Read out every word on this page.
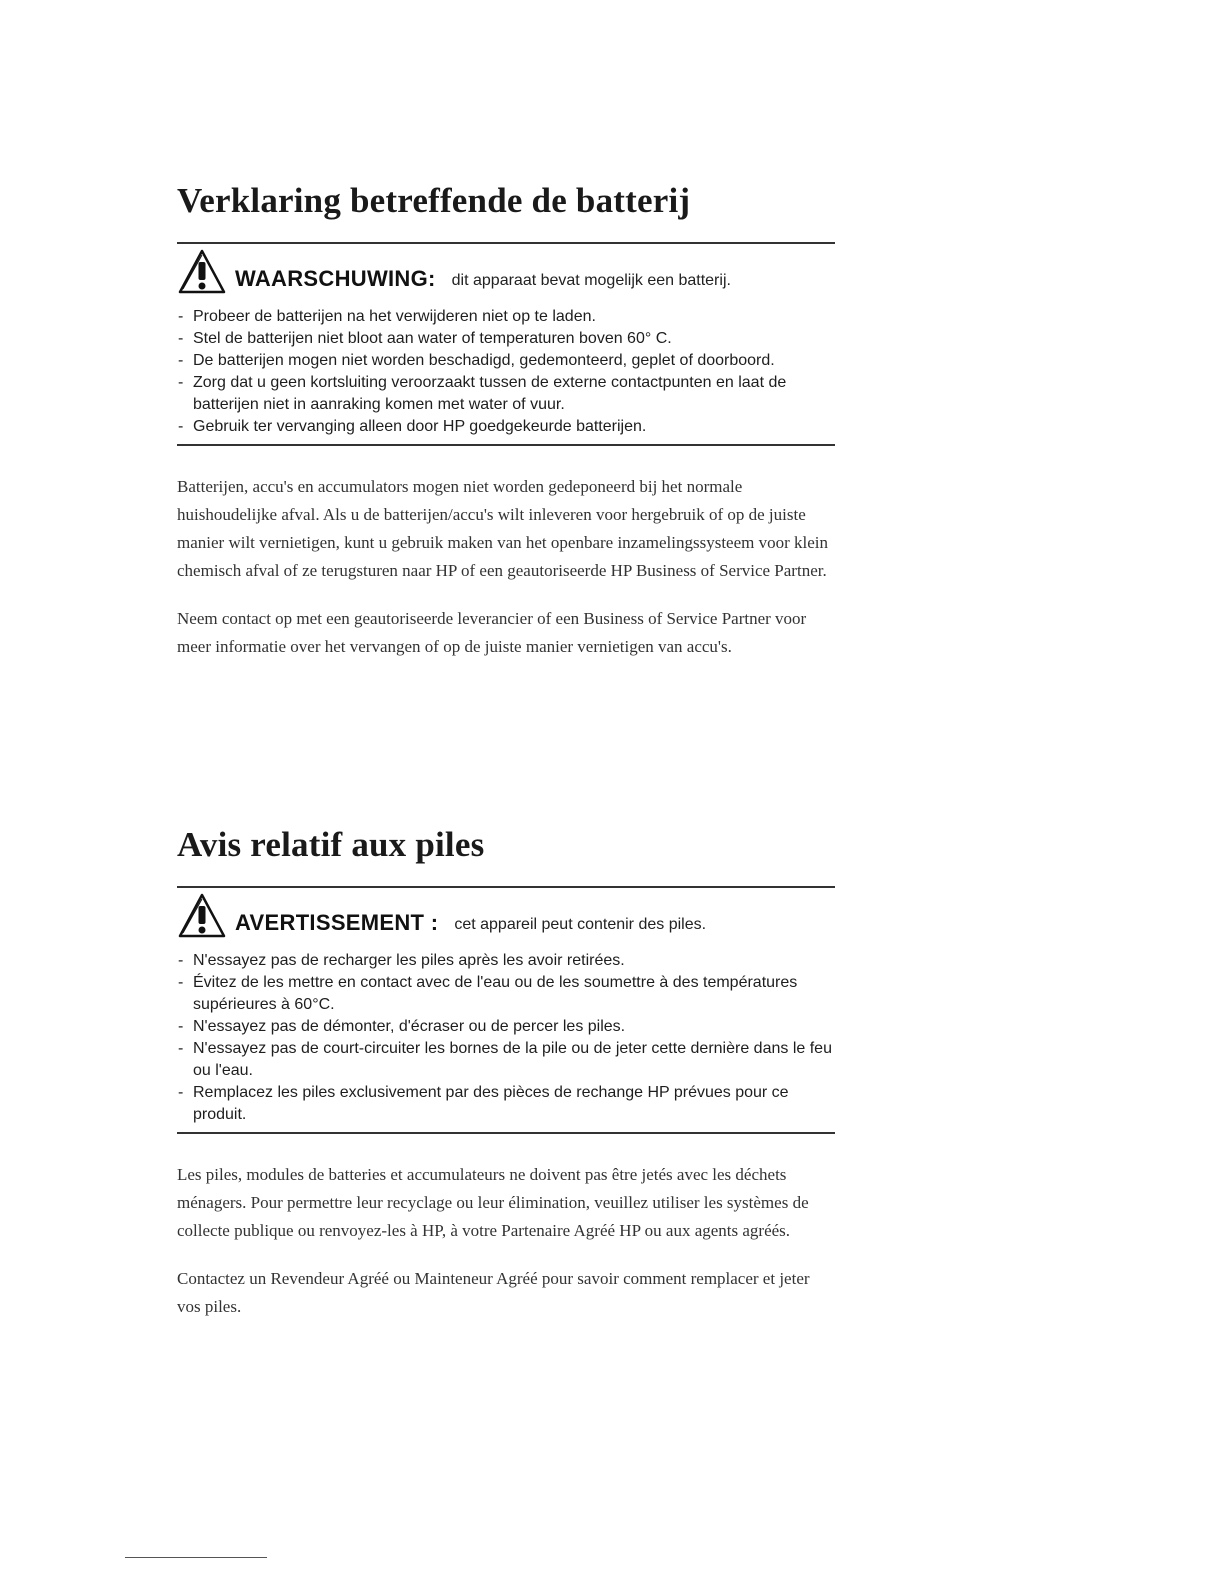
Verklaring betreffende de batterij
WAARSCHUWING: dit apparaat bevat mogelijk een batterij.
- Probeer de batterijen na het verwijderen niet op te laden.
- Stel de batterijen niet bloot aan water of temperaturen boven 60° C.
- De batterijen mogen niet worden beschadigd, gedemonteerd, geplet of doorboord.
- Zorg dat u geen kortsluiting veroorzaakt tussen de externe contactpunten en laat de batterijen niet in aanraking komen met water of vuur.
- Gebruik ter vervanging alleen door HP goedgekeurde batterijen.

Batterijen, accu's en accumulators mogen niet worden gedeponeerd bij het normale huishoudelijke afval. Als u de batterijen/accu's wilt inleveren voor hergebruik of op de juiste manier wilt vernietigen, kunt u gebruik maken van het openbare inzamelingssysteem voor klein chemisch afval of ze terugsturen naar HP of een geautoriseerde HP Business of Service Partner.

Neem contact op met een geautoriseerde leverancier of een Business of Service Partner voor meer informatie over het vervangen of op de juiste manier vernietigen van accu's.

Avis relatif aux piles
AVERTISSEMENT : cet appareil peut contenir des piles.
- N'essayez pas de recharger les piles après les avoir retirées.
- Évitez de les mettre en contact avec de l'eau ou de les soumettre à des températures supérieures à 60°C.
- N'essayez pas de démonter, d'écraser ou de percer les piles.
- N'essayez pas de court-circuiter les bornes de la pile ou de jeter cette dernière dans le feu ou l'eau.
- Remplacez les piles exclusivement par des pièces de rechange HP prévues pour ce produit.

Les piles, modules de batteries et accumulateurs ne doivent pas être jetés avec les déchets ménagers. Pour permettre leur recyclage ou leur élimination, veuillez utiliser les systèmes de collecte publique ou renvoyez-les à HP, à votre Partenaire Agréé HP ou aux agents agréés.

Contactez un Revendeur Agréé ou Mainteneur Agréé pour savoir comment remplacer et jeter vos piles.
